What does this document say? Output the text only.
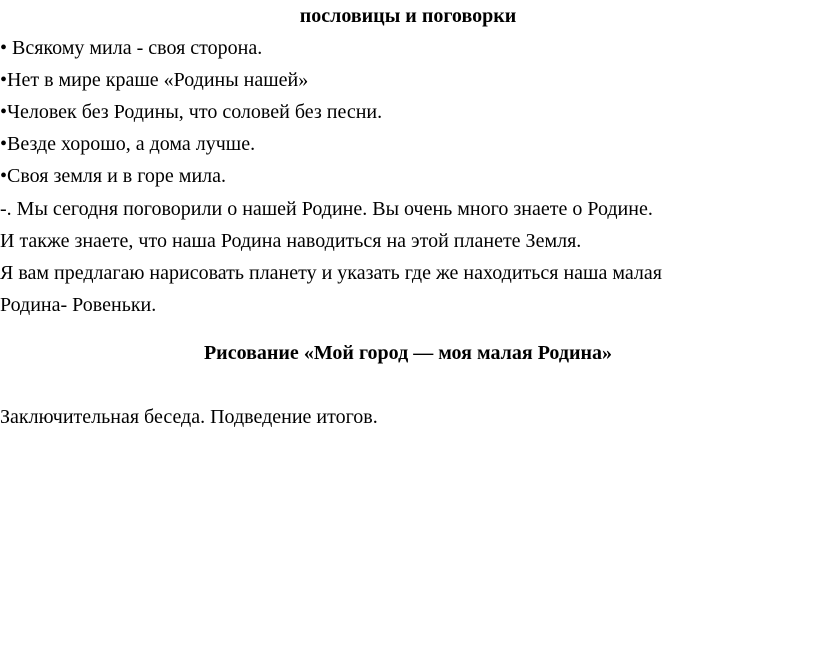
пословицы и поговорки
• Всякому мила - своя сторона.
•Нет в мире краше «Родины нашей»
•Человек без Родины, что соловей без песни.
•Везде хорошо, а дома лучше.
•Своя земля и в горе мила.
-. Мы сегодня поговорили о нашей Родине. Вы очень много знаете о Родине.
И также знаете, что наша Родина наводиться на этой планете Земля.
Я вам предлагаю нарисовать планету и указать где же находиться наша малая
Родина- Ровеньки.
Рисование «Мой город — моя малая Родина»
Заключительная беседа. Подведение итогов.
